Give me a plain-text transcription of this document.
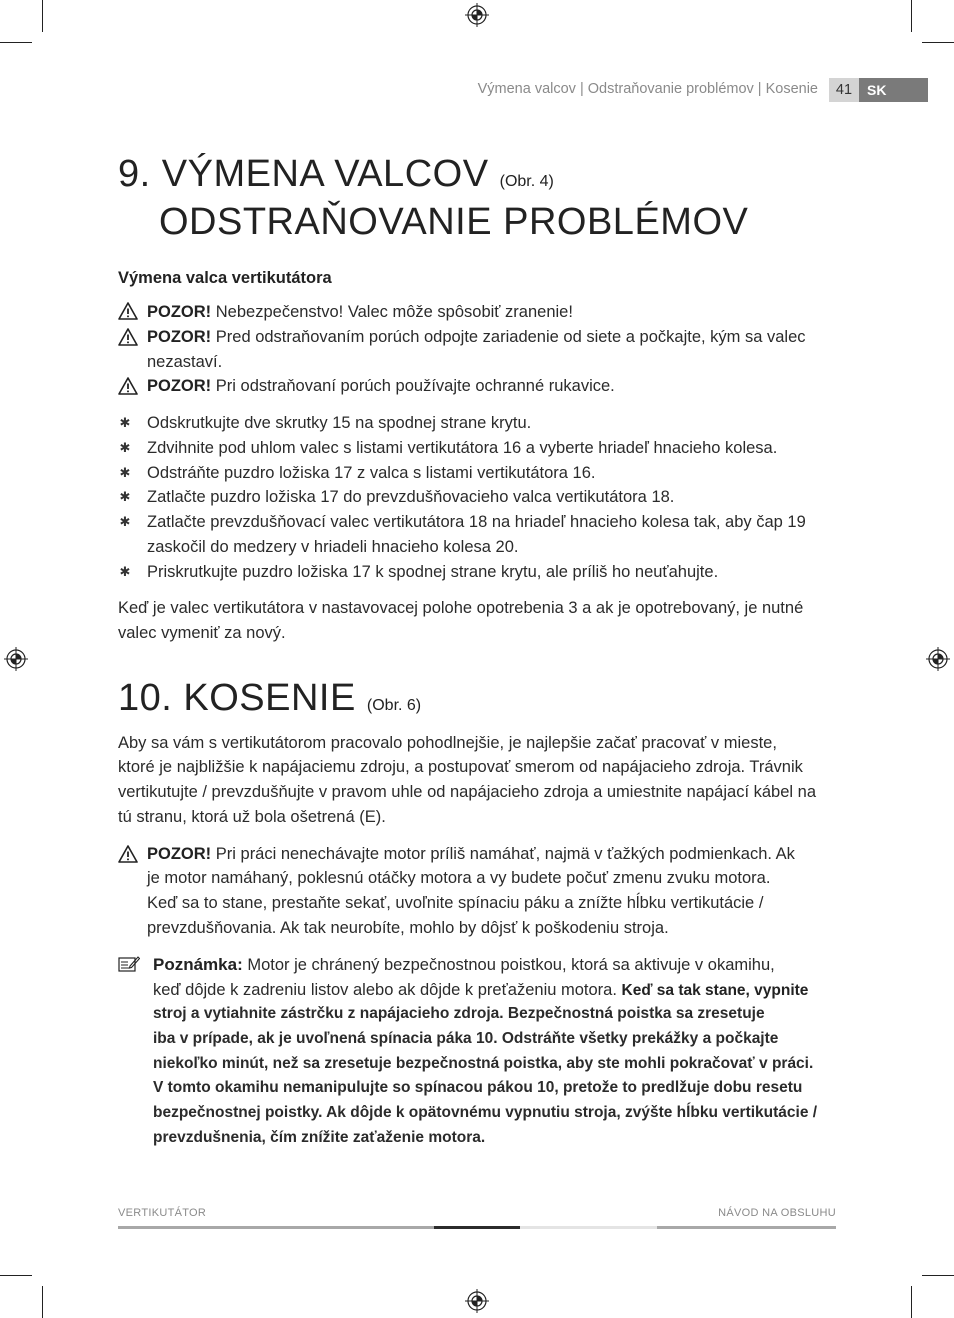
Výmena valcov | Odstraňovanie problémov | Kosenie	41	SK
9. VÝMENA VALCOV (Obr. 4)
ODSTRAŇOVANIE PROBLÉMOV
Výmena valca vertikutátora
POZOR! Nebezpečenstvo! Valec môže spôsobiť zranenie!
POZOR! Pred odstraňovaním porúch odpojte zariadenie od siete a počkajte, kým sa valec
nezastaví.
POZOR! Pri odstraňovaní porúch používajte ochranné rukavice.
✱ Odskrutkujte dve skrutky 15 na spodnej strane krytu.
✱ Zdvihnite pod uhlom valec s listami vertikutátora 16 a vyberte hriadeľ hnacieho kolesa.
✱ Odstráňte puzdro ložiska 17 z valca s listami vertikutátora 16.
✱ Zatlačte puzdro ložiska 17 do prevzdušňovacieho valca vertikutátora 18.
✱ Zatlačte prevzdušňovací valec vertikutátora 18 na hriadeľ hnacieho kolesa tak, aby čap 19
zaskočil do medzery v hriadeli hnacieho kolesa 20.
✱ Priskrutkujte puzdro ložiska 17 k spodnej strane krytu, ale príliš ho neuťahujte.
Keď je valec vertikutátora v nastavovacej polohe opotrebenia 3 a ak je opotrebovaný, je nutné
valec vymeniť za nový.
10. KOSENIE (Obr. 6)
Aby sa vám s vertikutátorom pracovalo pohodlnejšie, je najlepšie začať pracovať v mieste,
ktoré je najbližšie k napájaciemu zdroju, a postupovať smerom od napájacieho zdroja. Trávnik
vertikutujte / prevzdušňujte v pravom uhle od napájacieho zdroja a umiestnite napájací kábel na
tú stranu, ktorá už bola ošetrená (E).
POZOR! Pri práci nenechávajte motor príliš namáhať, najmä v ťažkých podmienkach. Ak
je motor namáhaný, poklesnú otáčky motora a vy budete počuť zmenu zvuku motora.
Keď sa to stane, prestaňte sekať, uvoľnite spínaciu páku a znížte hĺbku vertikutácie /
prevzdušňovania. Ak tak neurobíte, mohlo by dôjsť k poškodeniu stroja.
Poznámka: Motor je chránený bezpečnostnou poistkou, ktorá sa aktivuje v okamihu,
keď dôjde k zadreniu listov alebo ak dôjde k preťaženiu motora. Keď sa tak stane, vypnite
stroj a vytiahnite zástrčku z napájacieho zdroja. Bezpečnostná poistka sa zresetuje
iba v prípade, ak je uvoľnená spínacia páka 10. Odstráňte všetky prekážky a počkajte
niekoľko minút, než sa zresetuje bezpečnostná poistka, aby ste mohli pokračovať v práci.
V tomto okamihu nemanipulujte so spínacou pákou 10, pretože to predlžuje dobu resetu
bezpečnostnej poistky. Ak dôjde k opätovnému vypnutiu stroja, zvýšte hĺbku vertikutácie /
prevzdušnenia, čím znížite zaťaženie motora.
VERTIKUTÁTOR	NÁVOD NA OBSLUHU
